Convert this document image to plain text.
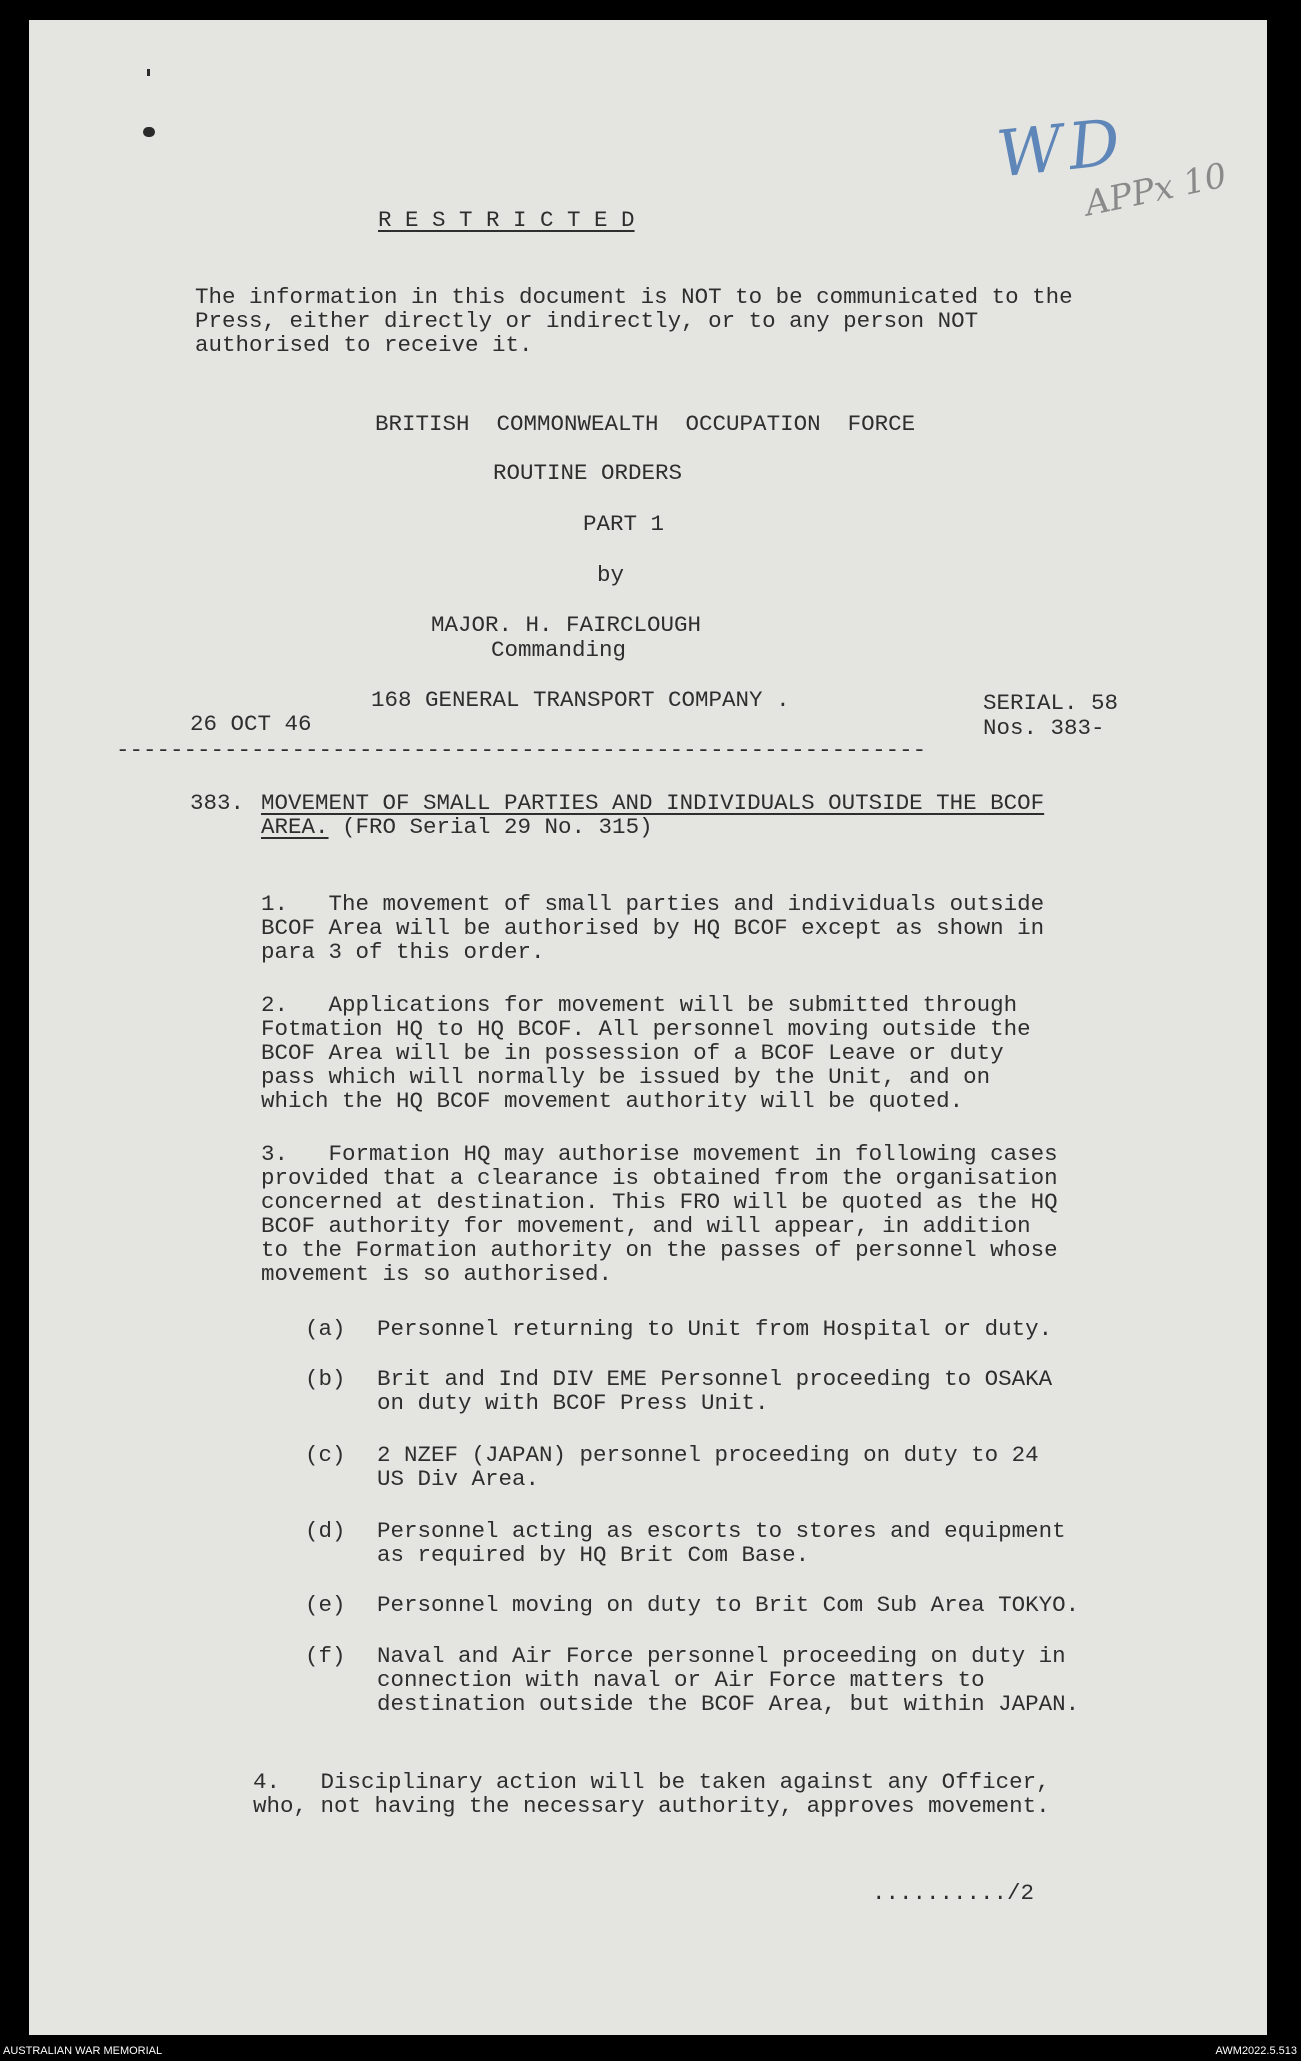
WD
APPx 10
R E S T R I C T E D
The information in this document is NOT to be communicated to the
Press, either directly or indirectly, or to any person NOT
authorised to receive it.
BRITISH  COMMONWEALTH  OCCUPATION  FORCE
ROUTINE ORDERS
PART 1
by
MAJOR. H. FAIRCLOUGH
Commanding
168 GENERAL TRANSPORT COMPANY .	SERIAL. 58
26 OCT 46	Nos. 383-
------------------------------------------------------------
383. MOVEMENT OF SMALL PARTIES AND INDIVIDUALS OUTSIDE THE BCOF
AREA. (FRO Serial 29 No. 315)
1.   The movement of small parties and individuals outside
BCOF Area will be authorised by HQ BCOF except as shown in
para 3 of this order.
2.   Applications for movement will be submitted through
Fotmation HQ to HQ BCOF. All personnel moving outside the
BCOF Area will be in possession of a BCOF Leave or duty
pass which will normally be issued by the Unit, and on
which the HQ BCOF movement authority will be quoted.
3.   Formation HQ may authorise movement in following cases
provided that a clearance is obtained from the organisation
concerned at destination. This FRO will be quoted as the HQ
BCOF authority for movement, and will appear, in addition
to the Formation authority on the passes of personnel whose
movement is so authorised.
(a) Personnel returning to Unit from Hospital or duty.
(b) Brit and Ind DIV EME Personnel proceeding to OSAKA
on duty with BCOF Press Unit.
(c) 2 NZEF (JAPAN) personnel proceeding on duty to 24
US Div Area.
(d) Personnel acting as escorts to stores and equipment
as required by HQ Brit Com Base.
(e) Personnel moving on duty to Brit Com Sub Area TOKYO.
(f) Naval and Air Force personnel proceeding on duty in
connection with naval or Air Force matters to
destination outside the BCOF Area, but within JAPAN.
4.   Disciplinary action will be taken against any Officer,
who, not having the necessary authority, approves movement.
........../2
AUSTRALIAN WAR MEMORIAL	AWM2022.5.513
